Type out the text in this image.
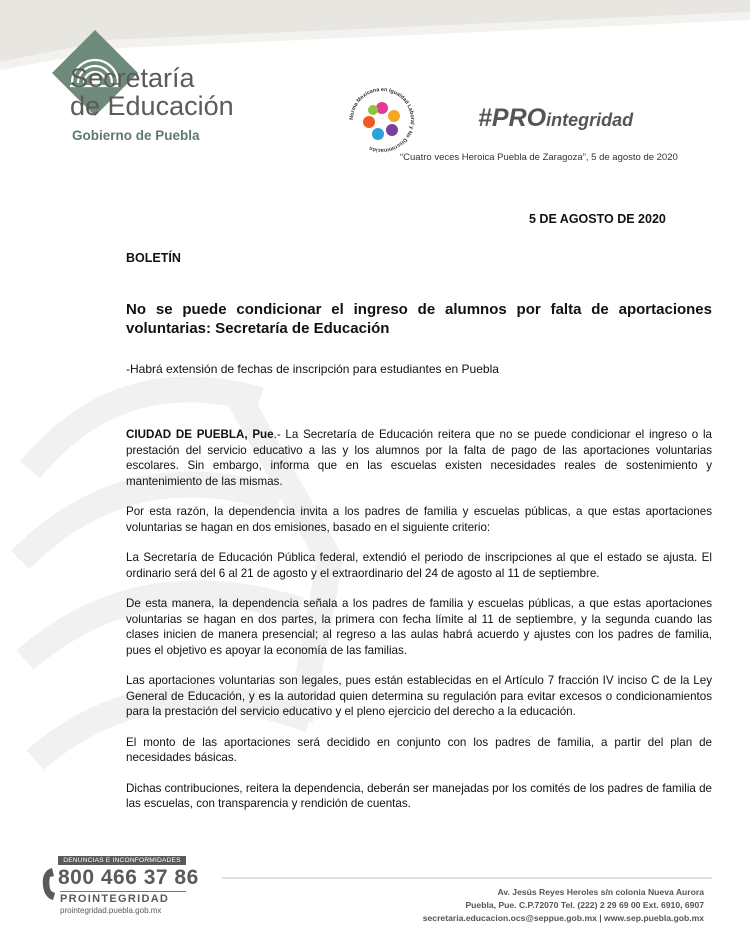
Secretaría
de Educación
Gobierno de Puebla
Norma Mexicana en Igualdad Laboral y No Discriminación
#PROintegridad
“Cuatro veces Heroica Puebla de Zaragoza”, 5 de agosto de 2020
5 DE AGOSTO DE 2020
BOLETÍN
No se puede condicionar el ingreso de alumnos por falta de aportaciones voluntarias: Secretaría de Educación
-Habrá extensión de fechas de inscripción para estudiantes en Puebla

CIUDAD DE PUEBLA, Pue.- La Secretaría de Educación reitera que no se puede condicionar el ingreso o la prestación del servicio educativo a las y los alumnos por la falta de pago de las aportaciones voluntarias escolares. Sin embargo, informa que en las escuelas existen necesidades reales de sostenimiento y mantenimiento de las mismas.

Por esta razón, la dependencia invita a los padres de familia y escuelas públicas, a que estas aportaciones voluntarias se hagan en dos emisiones, basado en el siguiente criterio:

La Secretaría de Educación Pública federal, extendió el periodo de inscripciones al que el estado se ajusta. El ordinario será del 6 al 21 de agosto y el extraordinario del 24 de agosto al 11 de septiembre.

De esta manera, la dependencia señala a los padres de familia y escuelas públicas, a que estas aportaciones voluntarias se hagan en dos partes, la primera con fecha límite al 11 de septiembre, y la segunda cuando las clases inicien de manera presencial; al regreso a las aulas habrá acuerdo y ajustes con los padres de familia, pues el objetivo es apoyar la economía de las familias.

Las aportaciones voluntarias son legales, pues están establecidas en el Artículo 7 fracción IV inciso C de la Ley General de Educación, y es la autoridad quien determina su regulación para evitar excesos o condicionamientos para la prestación del servicio educativo y el pleno ejercicio del derecho a la educación.

El monto de las aportaciones será decidido en conjunto con los padres de familia, a partir del plan de necesidades básicas.

Dichas contribuciones, reitera la dependencia, deberán ser manejadas por los comités de los padres de familia de las escuelas, con transparencia y rendición de cuentas.

DENUNCIAS E INCONFORMIDADES
800 466 37 86
PROINTEGRIDAD
prointegridad.puebla.gob.mx
Av. Jesús Reyes Heroles s/n colonia Nueva Aurora
Puebla, Pue. C.P.72070 Tel. (222) 2 29 69 00 Ext. 6910, 6907
secretaria.educacion.ocs@seppue.gob.mx | www.sep.puebla.gob.mx
